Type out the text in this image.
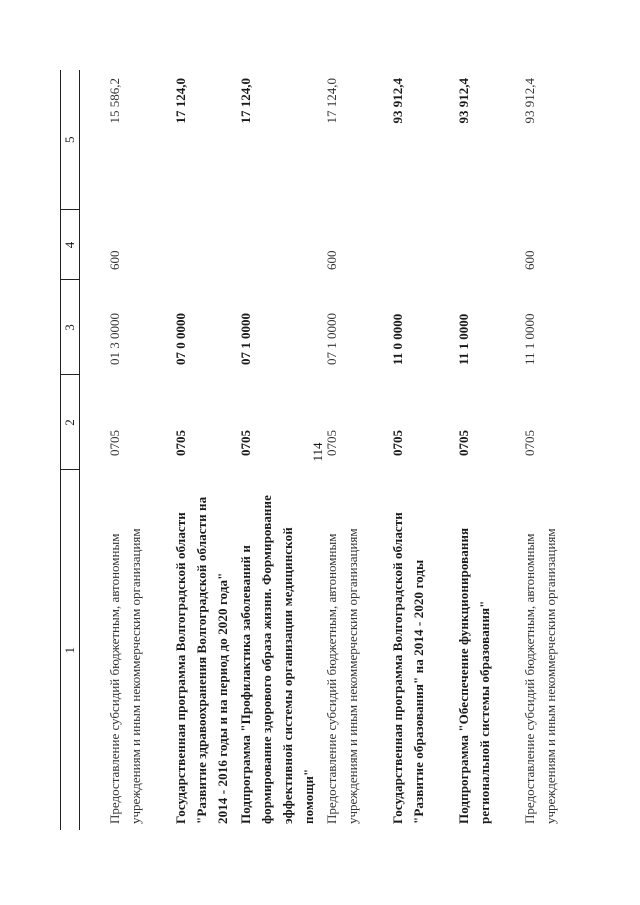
114
1	2	3	4	5

Предоставление субсидий бюджетным, автономным учреждениям и иным некоммерческим организациям	0705	01 3 0000	600	15 586,2

Государственная программа Волгоградской области "Развитие здравоохранения Волгоградской области на 2014 - 2016 годы и на период до 2020 года"	0705	07 0 0000		17 124,0
Подпрограмма "Профилактика заболеваний и формирование здорового образа жизни. Формирование эффективной системы организации медицинской помощи"	0705	07 1 0000		17 124,0
Предоставление субсидий бюджетным, автономным учреждениям и иным некоммерческим организациям	0705	07 1 0000	600	17 124,0

Государственная программа Волгоградской области "Развитие образования" на 2014 - 2020 годы	0705	11 0 0000		93 912,4

Подпрограмма "Обеспечение функционирования региональной системы образования"	0705	11 1 0000		93 912,4

Предоставление субсидий бюджетным, автономным учреждениям и иным некоммерческим организациям	0705	11 1 0000	600	93 912,4
